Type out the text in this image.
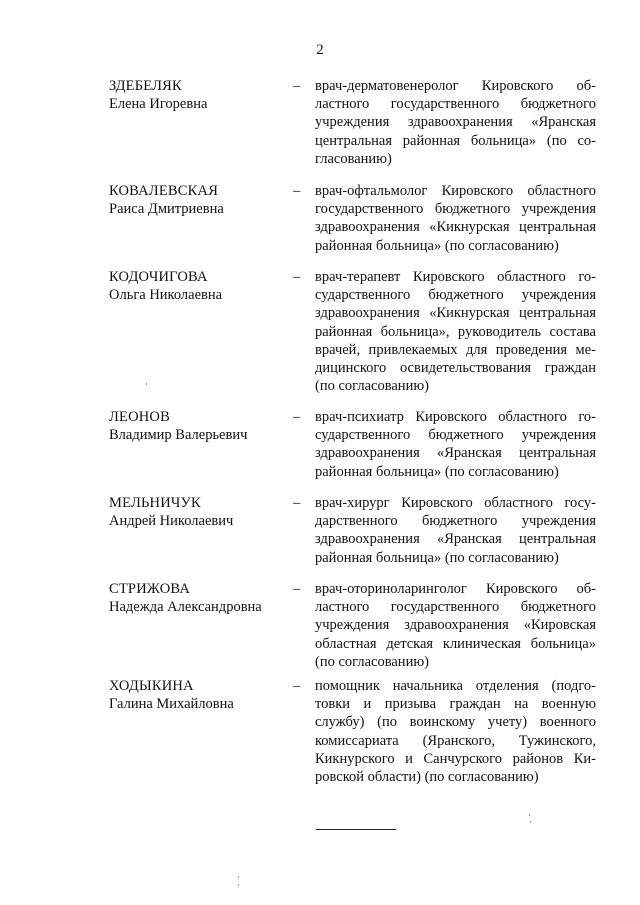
2
ЗДЕБЕЛЯК
Елена Игоревна
– врач-дерматовенеролог Кировского об-
ластного государственного бюджетного
учреждения здравоохранения «Яранская
центральная районная больница» (по со-
гласованию)
КОВАЛЕВСКАЯ
Раиса Дмитриевна
– врач-офтальмолог Кировского областного
государственного бюджетного учреждения
здравоохранения «Кикнурская центральная
районная больница» (по согласованию)
КОДОЧИГОВА
Ольга Николаевна
– врач-терапевт Кировского областного го-
сударственного бюджетного учреждения
здравоохранения «Кикнурская центральная
районная больница», руководитель состава
врачей, привлекаемых для проведения ме-
дицинского освидетельствования граждан
(по согласованию)
ЛЕОНОВ
Владимир Валерьевич
– врач-психиатр Кировского областного го-
сударственного бюджетного учреждения
здравоохранения «Яранская центральная
районная больница» (по согласованию)
МЕЛЬНИЧУК
Андрей Николаевич
– врач-хирург Кировского областного госу-
дарственного бюджетного учреждения
здравоохранения «Яранская центральная
районная больница» (по согласованию)
СТРИЖОВА
Надежда Александровна
– врач-оториноларинголог Кировского об-
ластного государственного бюджетного
учреждения здравоохранения «Кировская
областная детская клиническая больница»
(по согласованию)
ХОДЫКИНА
Галина Михайловна
– помощник начальника отделения (подго-
товки и призыва граждан на военную
службу) (по воинскому учету) военного
комиссариата (Яранского, Тужинского,
Кикнурского и Санчурского районов Ки-
ровской области) (по согласованию)
